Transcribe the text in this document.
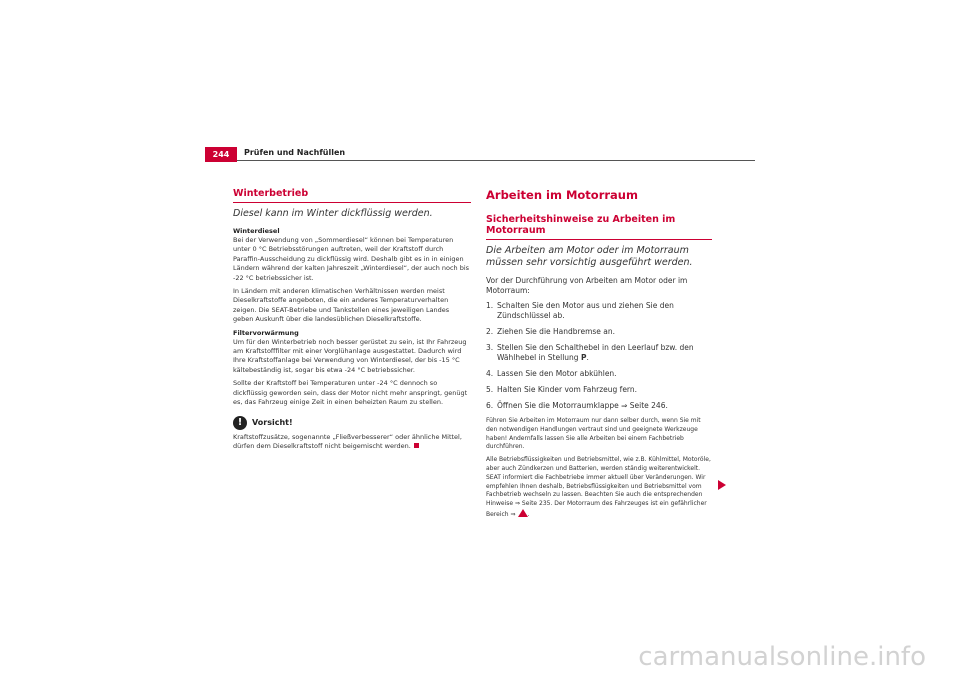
244	Prüfen und Nachfüllen
Winterbetrieb
Diesel kann im Winter dickflüssig werden.
Winterdiesel

Bei der Verwendung von „Sommerdiesel“ können bei Temperaturen unter 0 °C Betriebsstörungen auftreten, weil der Kraftstoff durch Paraffin-Ausscheidung zu dickflüssig wird. Deshalb gibt es in in einigen Ländern während der kalten Jahreszeit „Winterdiesel“, der auch noch bis -22 °C betriebssicher ist.

In Ländern mit anderen klimatischen Verhältnissen werden meist Dieselkraftstoffe angeboten, die ein anderes Temperaturverhalten zeigen. Die SEAT-Betriebe und Tankstellen eines jeweiligen Landes geben Auskunft über die landesüblichen Dieselkraftstoffe.

Filtervorwärmung

Um für den Winterbetrieb noch besser gerüstet zu sein, ist Ihr Fahrzeug am Kraftstofffilter mit einer Vorglühanlage ausgestattet. Dadurch wird Ihre Kraftstoffanlage bei Verwendung von Winterdiesel, der bis -15 °C kältebeständig ist, sogar bis etwa -24 °C betriebssicher.

Sollte der Kraftstoff bei Temperaturen unter -24 °C dennoch so dickflüssig geworden sein, dass der Motor nicht mehr anspringt, genügt es, das Fahrzeug einige Zeit in einen beheizten Raum zu stellen.

!	Vorsicht!

Kraftstoffzusätze, sogenannte „Fließverbesserer“ oder ähnliche Mittel, dürfen dem Dieselkraftstoff nicht beigemischt werden.

Arbeiten im Motorraum
Sicherheitshinweise zu Arbeiten im Motorraum
Die Arbeiten am Motor oder im Motorraum müssen sehr vorsichtig ausgeführt werden.

Vor der Durchführung von Arbeiten am Motor oder im Motorraum:

1. Schalten Sie den Motor aus und ziehen Sie den Zündschlüssel ab.
2. Ziehen Sie die Handbremse an.
3. Stellen Sie den Schalthebel in den Leerlauf bzw. den Wählhebel in Stellung P.
4. Lassen Sie den Motor abkühlen.
5. Halten Sie Kinder vom Fahrzeug fern.
6. Öffnen Sie die Motorraumklappe ⇒ Seite 246.

Führen Sie Arbeiten im Motorraum nur dann selber durch, wenn Sie mit den notwendigen Handlungen vertraut sind und geeignete Werkzeuge haben! Andernfalls lassen Sie alle Arbeiten bei einem Fachbetrieb durchführen.

Alle Betriebsflüssigkeiten und Betriebsmittel, wie z.B. Kühlmittel, Motoröle, aber auch Zündkerzen und Batterien, werden ständig weiterentwickelt. SEAT informiert die Fachbetriebe immer aktuell über Veränderungen. Wir empfehlen Ihnen deshalb, Betriebsflüssigkeiten und Betriebsmittel vom Fachbetrieb wechseln zu lassen. Beachten Sie auch die entsprechenden Hinweise ⇒ Seite 235. Der Motorraum des Fahrzeuges ist ein gefährlicher Bereich ⇒ .

carmanualsonline.info
